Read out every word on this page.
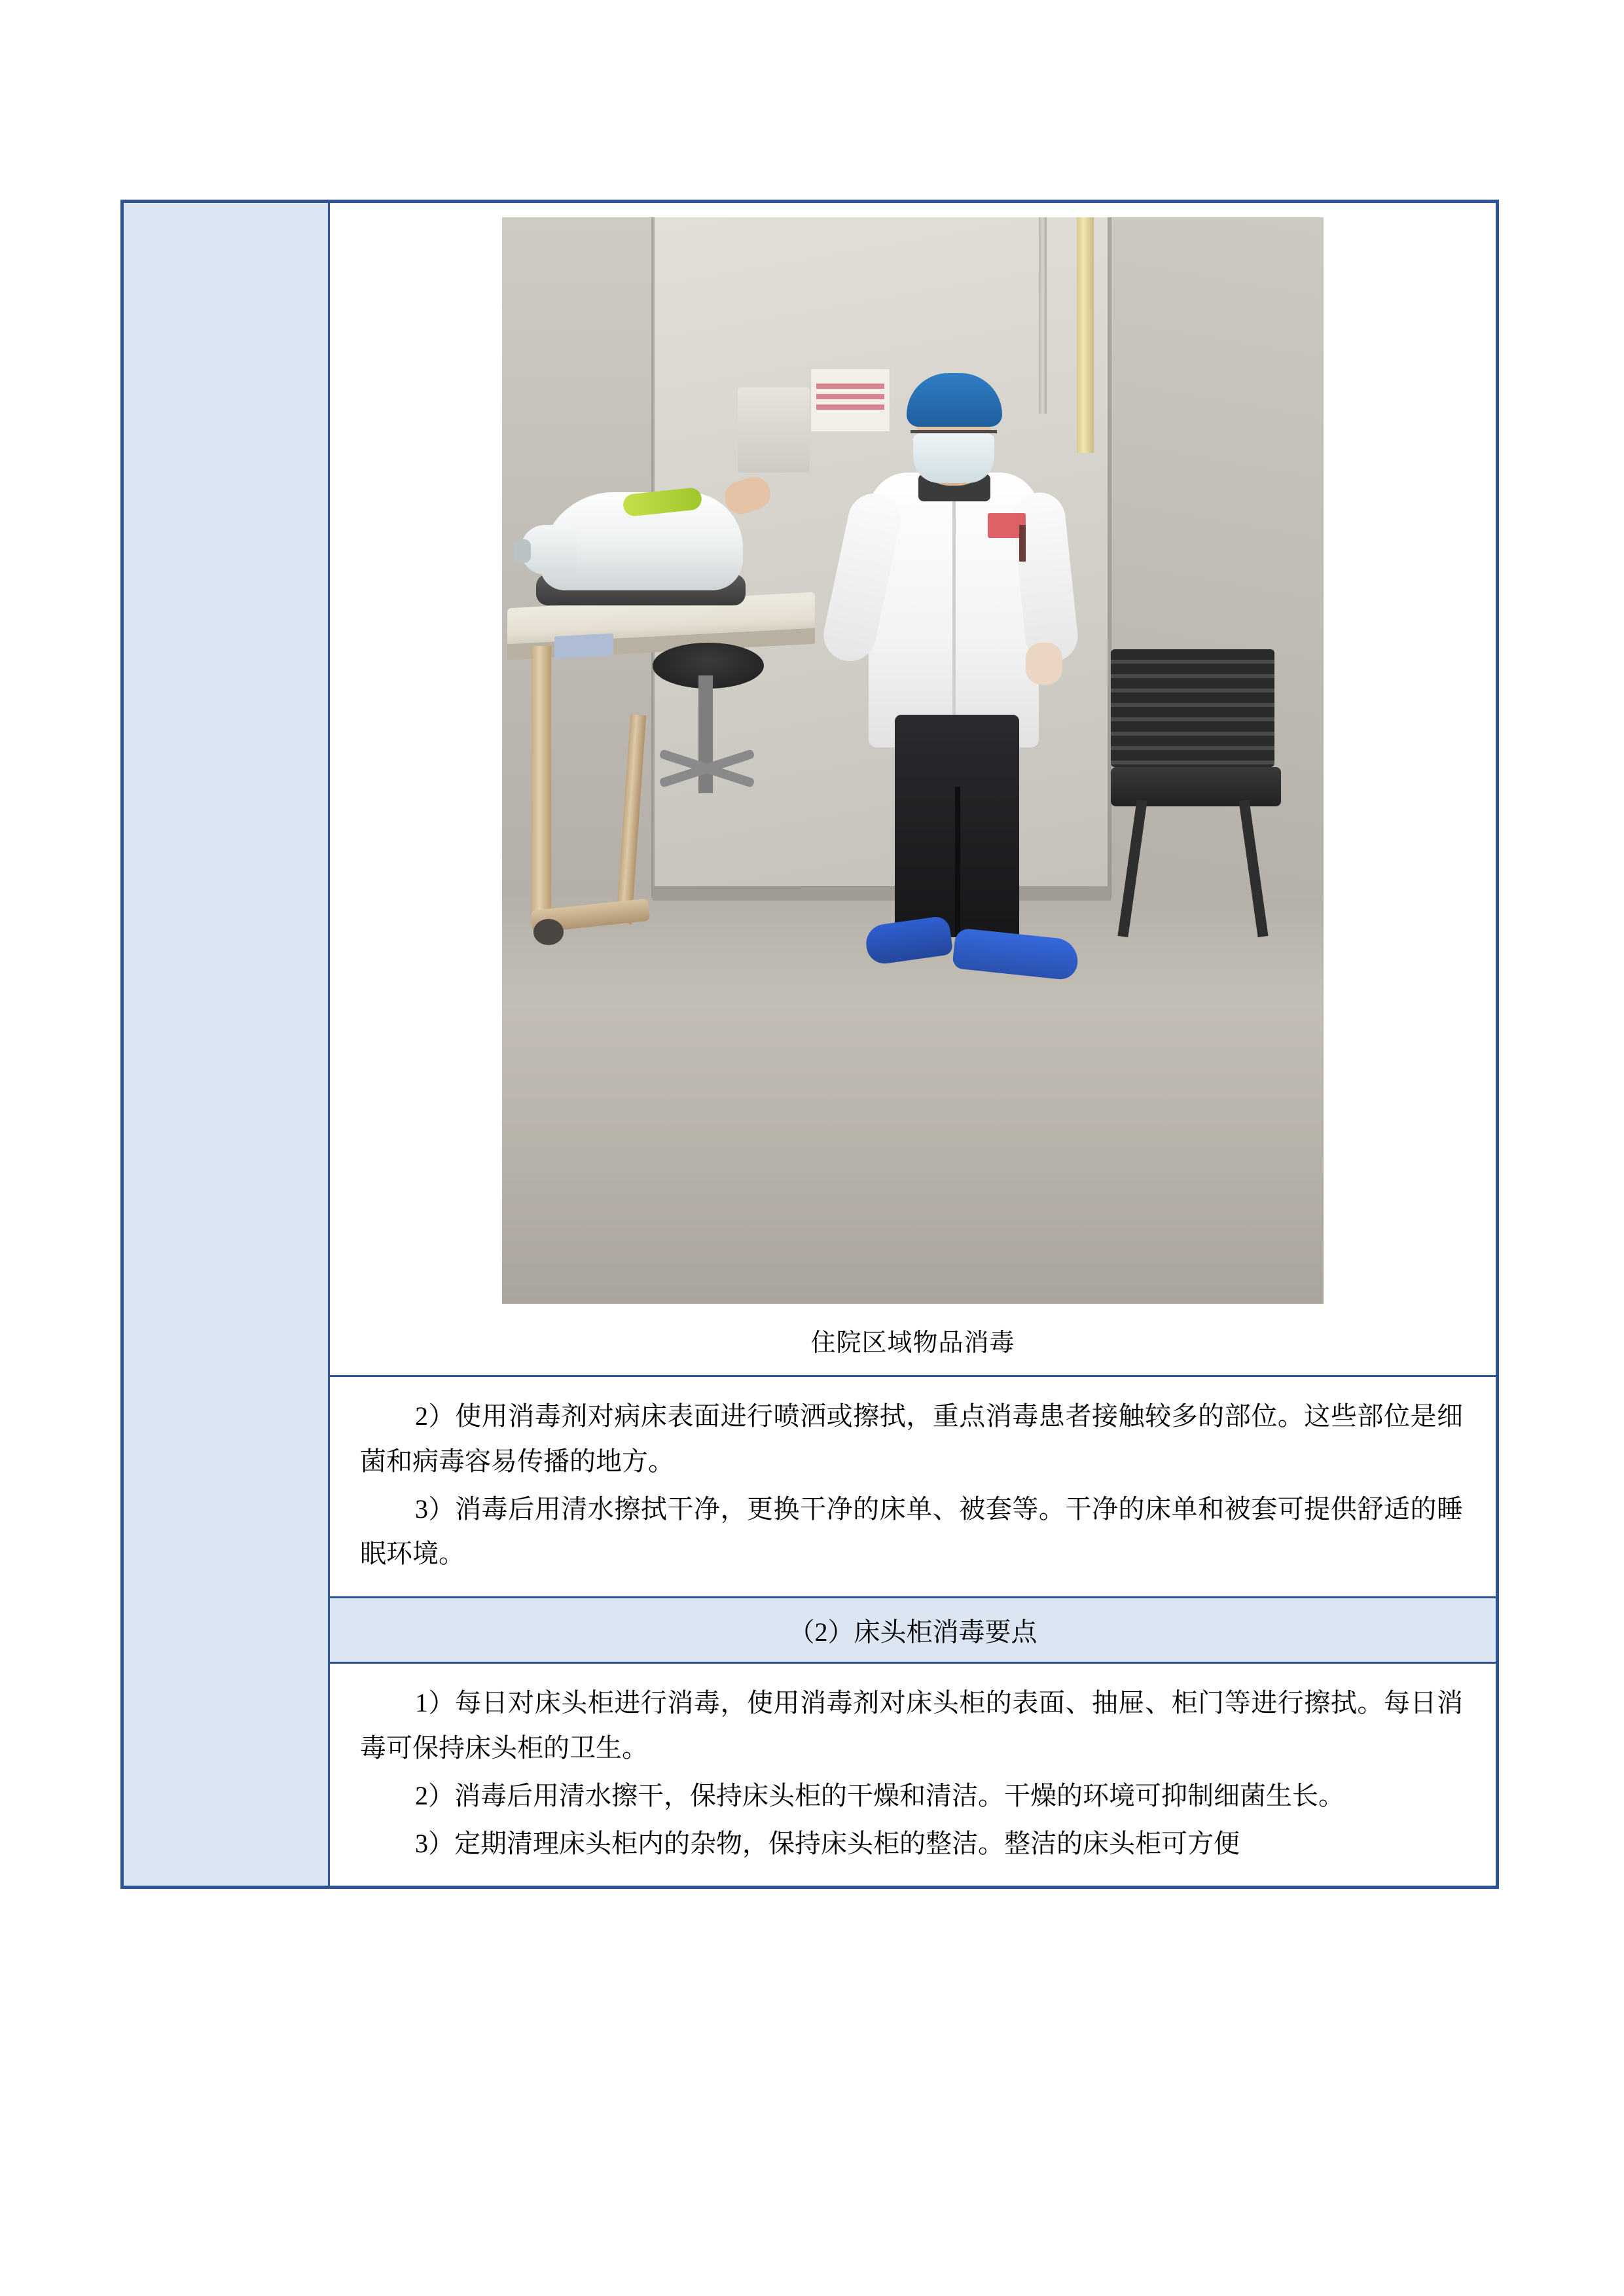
住院区域物品消毒

2）使用消毒剂对病床表面进行喷洒或擦拭，重点消毒患者接触较多的部位。这些部位是细菌和病毒容易传播的地方。

3）消毒后用清水擦拭干净，更换干净的床单、被套等。干净的床单和被套可提供舒适的睡眠环境。

（2）床头柜消毒要点

1）每日对床头柜进行消毒，使用消毒剂对床头柜的表面、抽屉、柜门等进行擦拭。每日消毒可保持床头柜的卫生。

2）消毒后用清水擦干，保持床头柜的干燥和清洁。干燥的环境可抑制细菌生长。

3）定期清理床头柜内的杂物，保持床头柜的整洁。整洁的床头柜可方便
